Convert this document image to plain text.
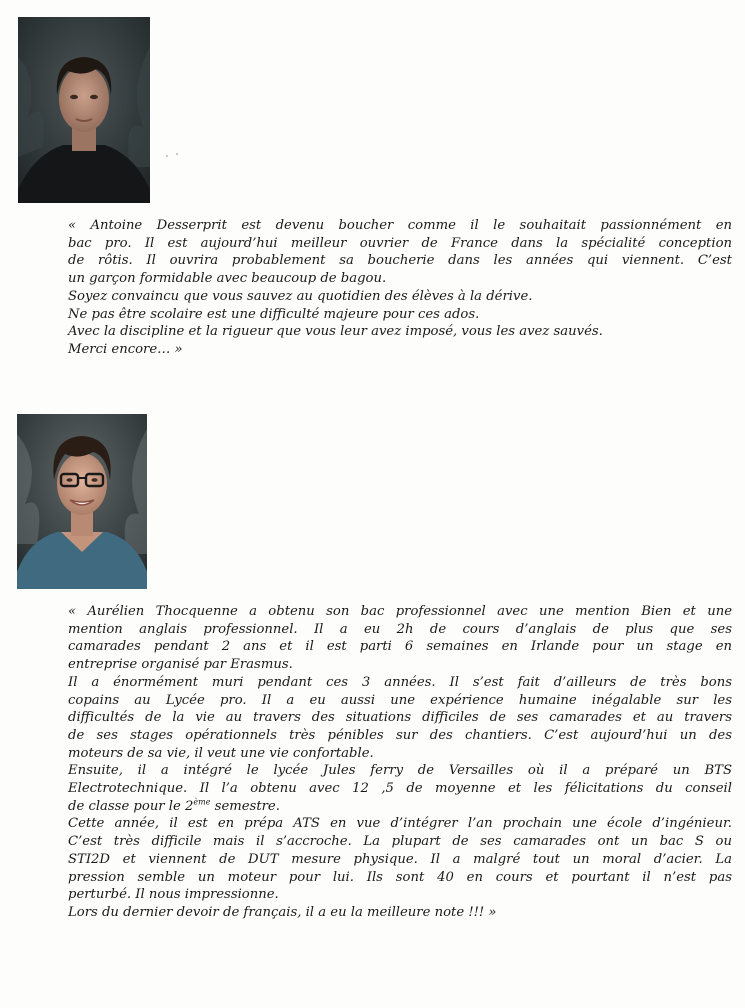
« Antoine Desserprit est devenu boucher comme il le souhaitait passionnément en
bac pro. Il est aujourd’hui meilleur ouvrier de France dans la spécialité conception
de rôtis. Il ouvrira probablement sa boucherie dans les années qui viennent. C’est
un garçon formidable avec beaucoup de bagou.
Soyez convaincu que vous sauvez au quotidien des élèves à la dérive.
Ne pas être scolaire est une difficulté majeure pour ces ados.
Avec la discipline et la rigueur que vous leur avez imposé, vous les avez sauvés.
Merci encore… »

« Aurélien Thocquenne a obtenu son bac professionnel avec une mention Bien et une
mention anglais professionnel. Il a eu 2h de cours d’anglais de plus que ses
camarades pendant 2 ans et il est parti 6 semaines en Irlande pour un stage en
entreprise organisé par Erasmus.
Il a énormément muri pendant ces 3 années. Il s’est fait d’ailleurs de très bons
copains au Lycée pro. Il a eu aussi une expérience humaine inégalable sur les
difficultés de la vie au travers des situations difficiles de ses camarades et au travers
de ses stages opérationnels très pénibles sur des chantiers. C’est aujourd’hui un des
moteurs de sa vie, il veut une vie confortable.
Ensuite, il a intégré le lycée Jules ferry de Versailles où il a préparé un BTS
Electrotechnique. Il l’a obtenu avec 12 ,5 de moyenne et les félicitations du conseil
de classe pour le 2ème semestre.
Cette année, il est en prépa ATS en vue d’intégrer l’an prochain une école d’ingénieur.
C’est très difficile mais il s’accroche. La plupart de ses camarades ont un bac S ou
STI2D et viennent de DUT mesure physique. Il a malgré tout un moral d’acier. La
pression semble un moteur pour lui. Ils sont 40 en cours et pourtant il n’est pas
perturbé. Il nous impressionne.
Lors du dernier devoir de français, il a eu la meilleure note !!! »
